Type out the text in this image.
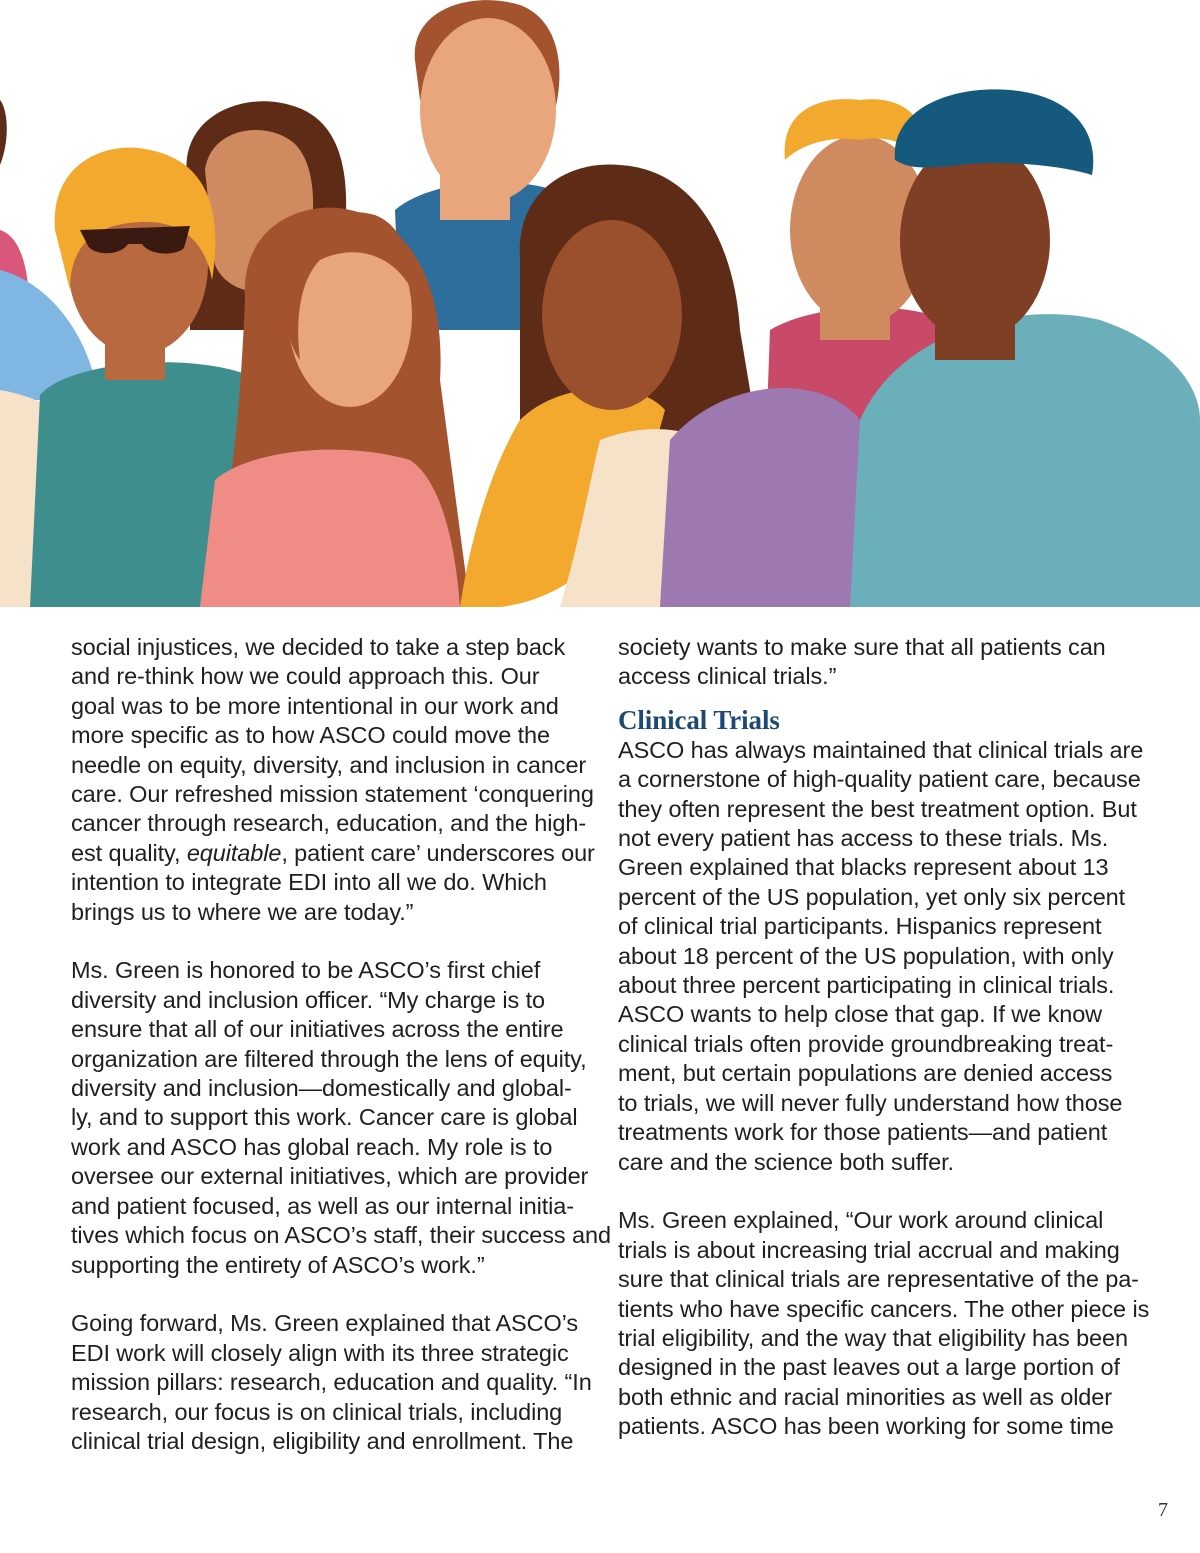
social injustices, we decided to take a step back
and re-think how we could approach this. Our
goal was to be more intentional in our work and
more specific as to how ASCO could move the
needle on equity, diversity, and inclusion in cancer
care. Our refreshed mission statement ‘conquering
cancer through research, education, and the high-
est quality, equitable, patient care’ underscores our
intention to integrate EDI into all we do. Which
brings us to where we are today.”

Ms. Green is honored to be ASCO’s first chief
diversity and inclusion officer. “My charge is to
ensure that all of our initiatives across the entire
organization are filtered through the lens of equity,
diversity and inclusion—domestically and global-
ly, and to support this work. Cancer care is global
work and ASCO has global reach. My role is to
oversee our external initiatives, which are provider
and patient focused, as well as our internal initia-
tives which focus on ASCO’s staff, their success and
supporting the entirety of ASCO’s work.”

Going forward, Ms. Green explained that ASCO’s
EDI work will closely align with its three strategic
mission pillars: research, education and quality. “In
research, our focus is on clinical trials, including
clinical trial design, eligibility and enrollment. The

society wants to make sure that all patients can
access clinical trials.”

Clinical Trials

ASCO has always maintained that clinical trials are
a cornerstone of high-quality patient care, because
they often represent the best treatment option. But
not every patient has access to these trials. Ms.
Green explained that blacks represent about 13
percent of the US population, yet only six percent
of clinical trial participants. Hispanics represent
about 18 percent of the US population, with only
about three percent participating in clinical trials.
ASCO wants to help close that gap. If we know
clinical trials often provide groundbreaking treat-
ment, but certain populations are denied access
to trials, we will never fully understand how those
treatments work for those patients—and patient
care and the science both suffer.

Ms. Green explained, “Our work around clinical
trials is about increasing trial accrual and making
sure that clinical trials are representative of the pa-
tients who have specific cancers. The other piece is
trial eligibility, and the way that eligibility has been
designed in the past leaves out a large portion of
both ethnic and racial minorities as well as older
patients. ASCO has been working for some time

7
